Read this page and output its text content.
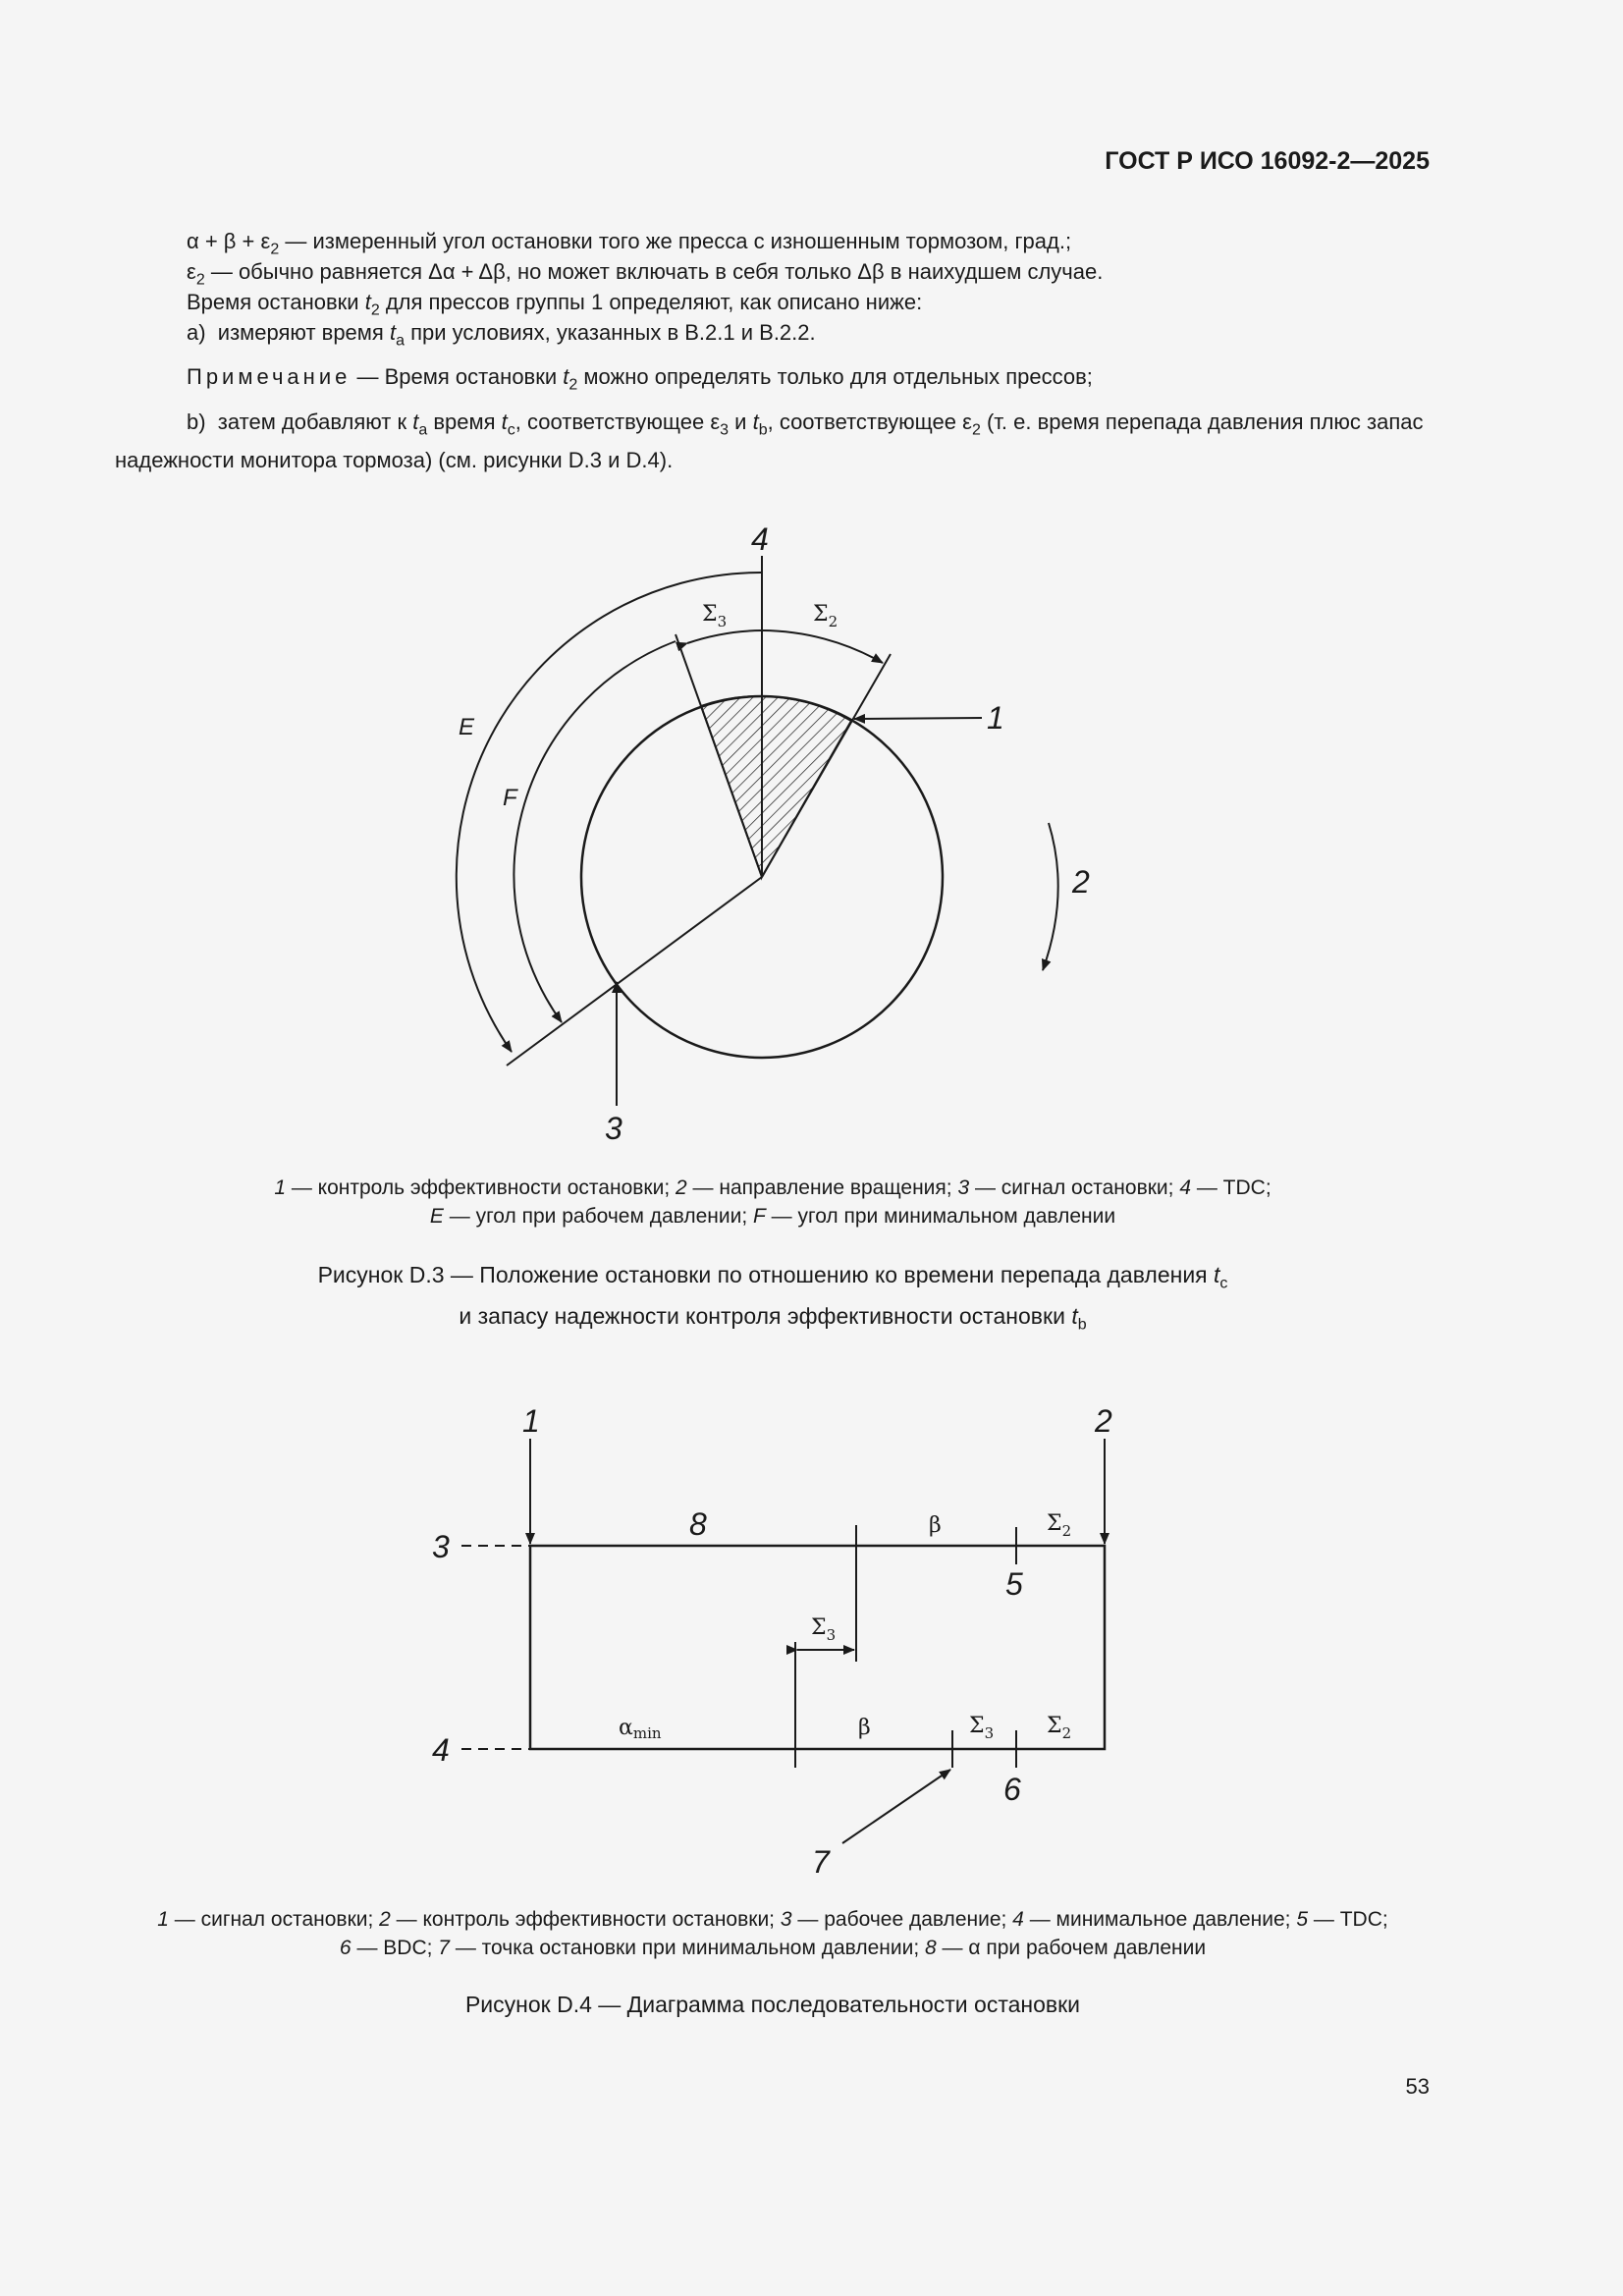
ГОСТ Р ИСО 16092-2—2025
$\alpha + \beta + \varepsilon_2$ — измеренный угол остановки того же пресса с изношенным тормозом, град.;
$\varepsilon_2$ — обычно равняется Δα + Δβ, но может включать в себя только Δβ в наихудшем случае.
Время остановки $t_2$ для прессов группы 1 определяют, как описано ниже:
a)  измеряют время $t_a$ при условиях, указанных в B.2.1 и B.2.2.
Примечание — Время остановки $t_2$ можно определять только для отдельных прессов;
b)  затем добавляют к $t_a$ время $t_c$, соответствующее $\varepsilon_3$ и $t_b$, соответствующее $\varepsilon_2$ (т. е. время перепада давления плюс запас надежности монитора тормоза) (см. рисунки D.3 и D.4).
4
1
2
3
E
F
$\Sigma_3$	$\Sigma_2$
1	2
3
4
8
5
6
7
β	$\Sigma_2$
$\Sigma_3$
αmin	β	$\Sigma_3$ $\Sigma_2$
1 — контроль эффективности остановки; 2 — направление вращения; 3 — сигнал остановки; 4 — TDC;
E — угол при рабочем давлении; F — угол при минимальном давлении
Рисунок D.3 — Положение остановки по отношению ко времени перепада давления $t_c$
и запасу надежности контроля эффективности остановки $t_b$
1 — сигнал остановки; 2 — контроль эффективности остановки; 3 — рабочее давление; 4 — минимальное давление; 5 — TDC;
6 — BDC; 7 — точка остановки при минимальном давлении; 8 — α при рабочем давлении
Рисунок D.4 — Диаграмма последовательности остановки
53
